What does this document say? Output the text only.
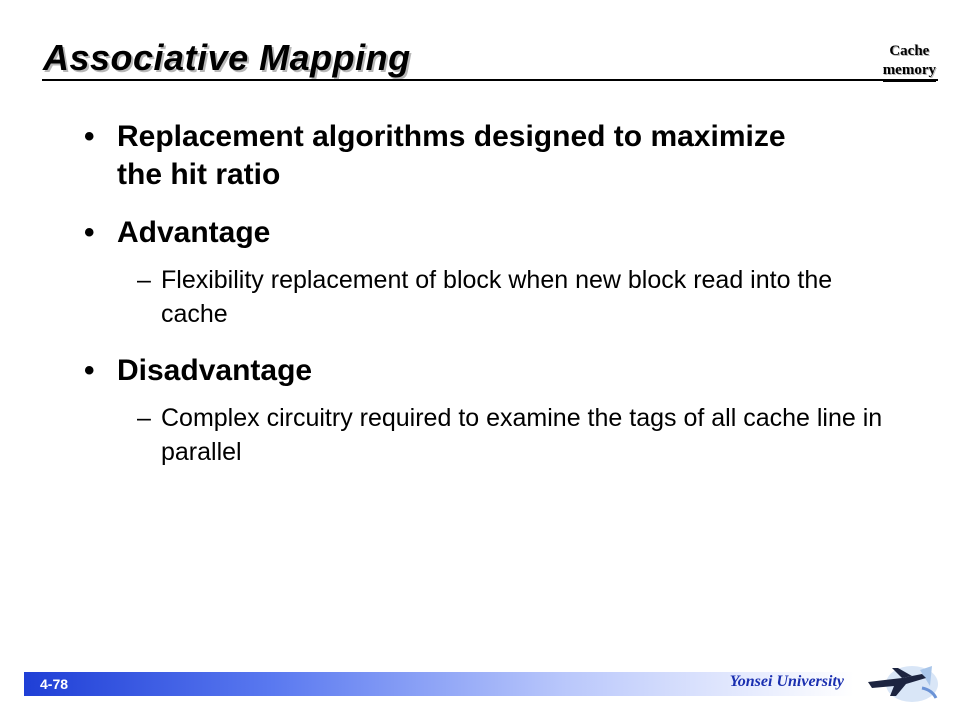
Associative Mapping	Cache
memory
• Replacement algorithms designed to maximize the hit ratio
• Advantage
– Flexibility replacement of block when new block read into the cache
• Disadvantage
– Complex circuitry required to examine the tags of all cache line in parallel
4-78	Yonsei University
